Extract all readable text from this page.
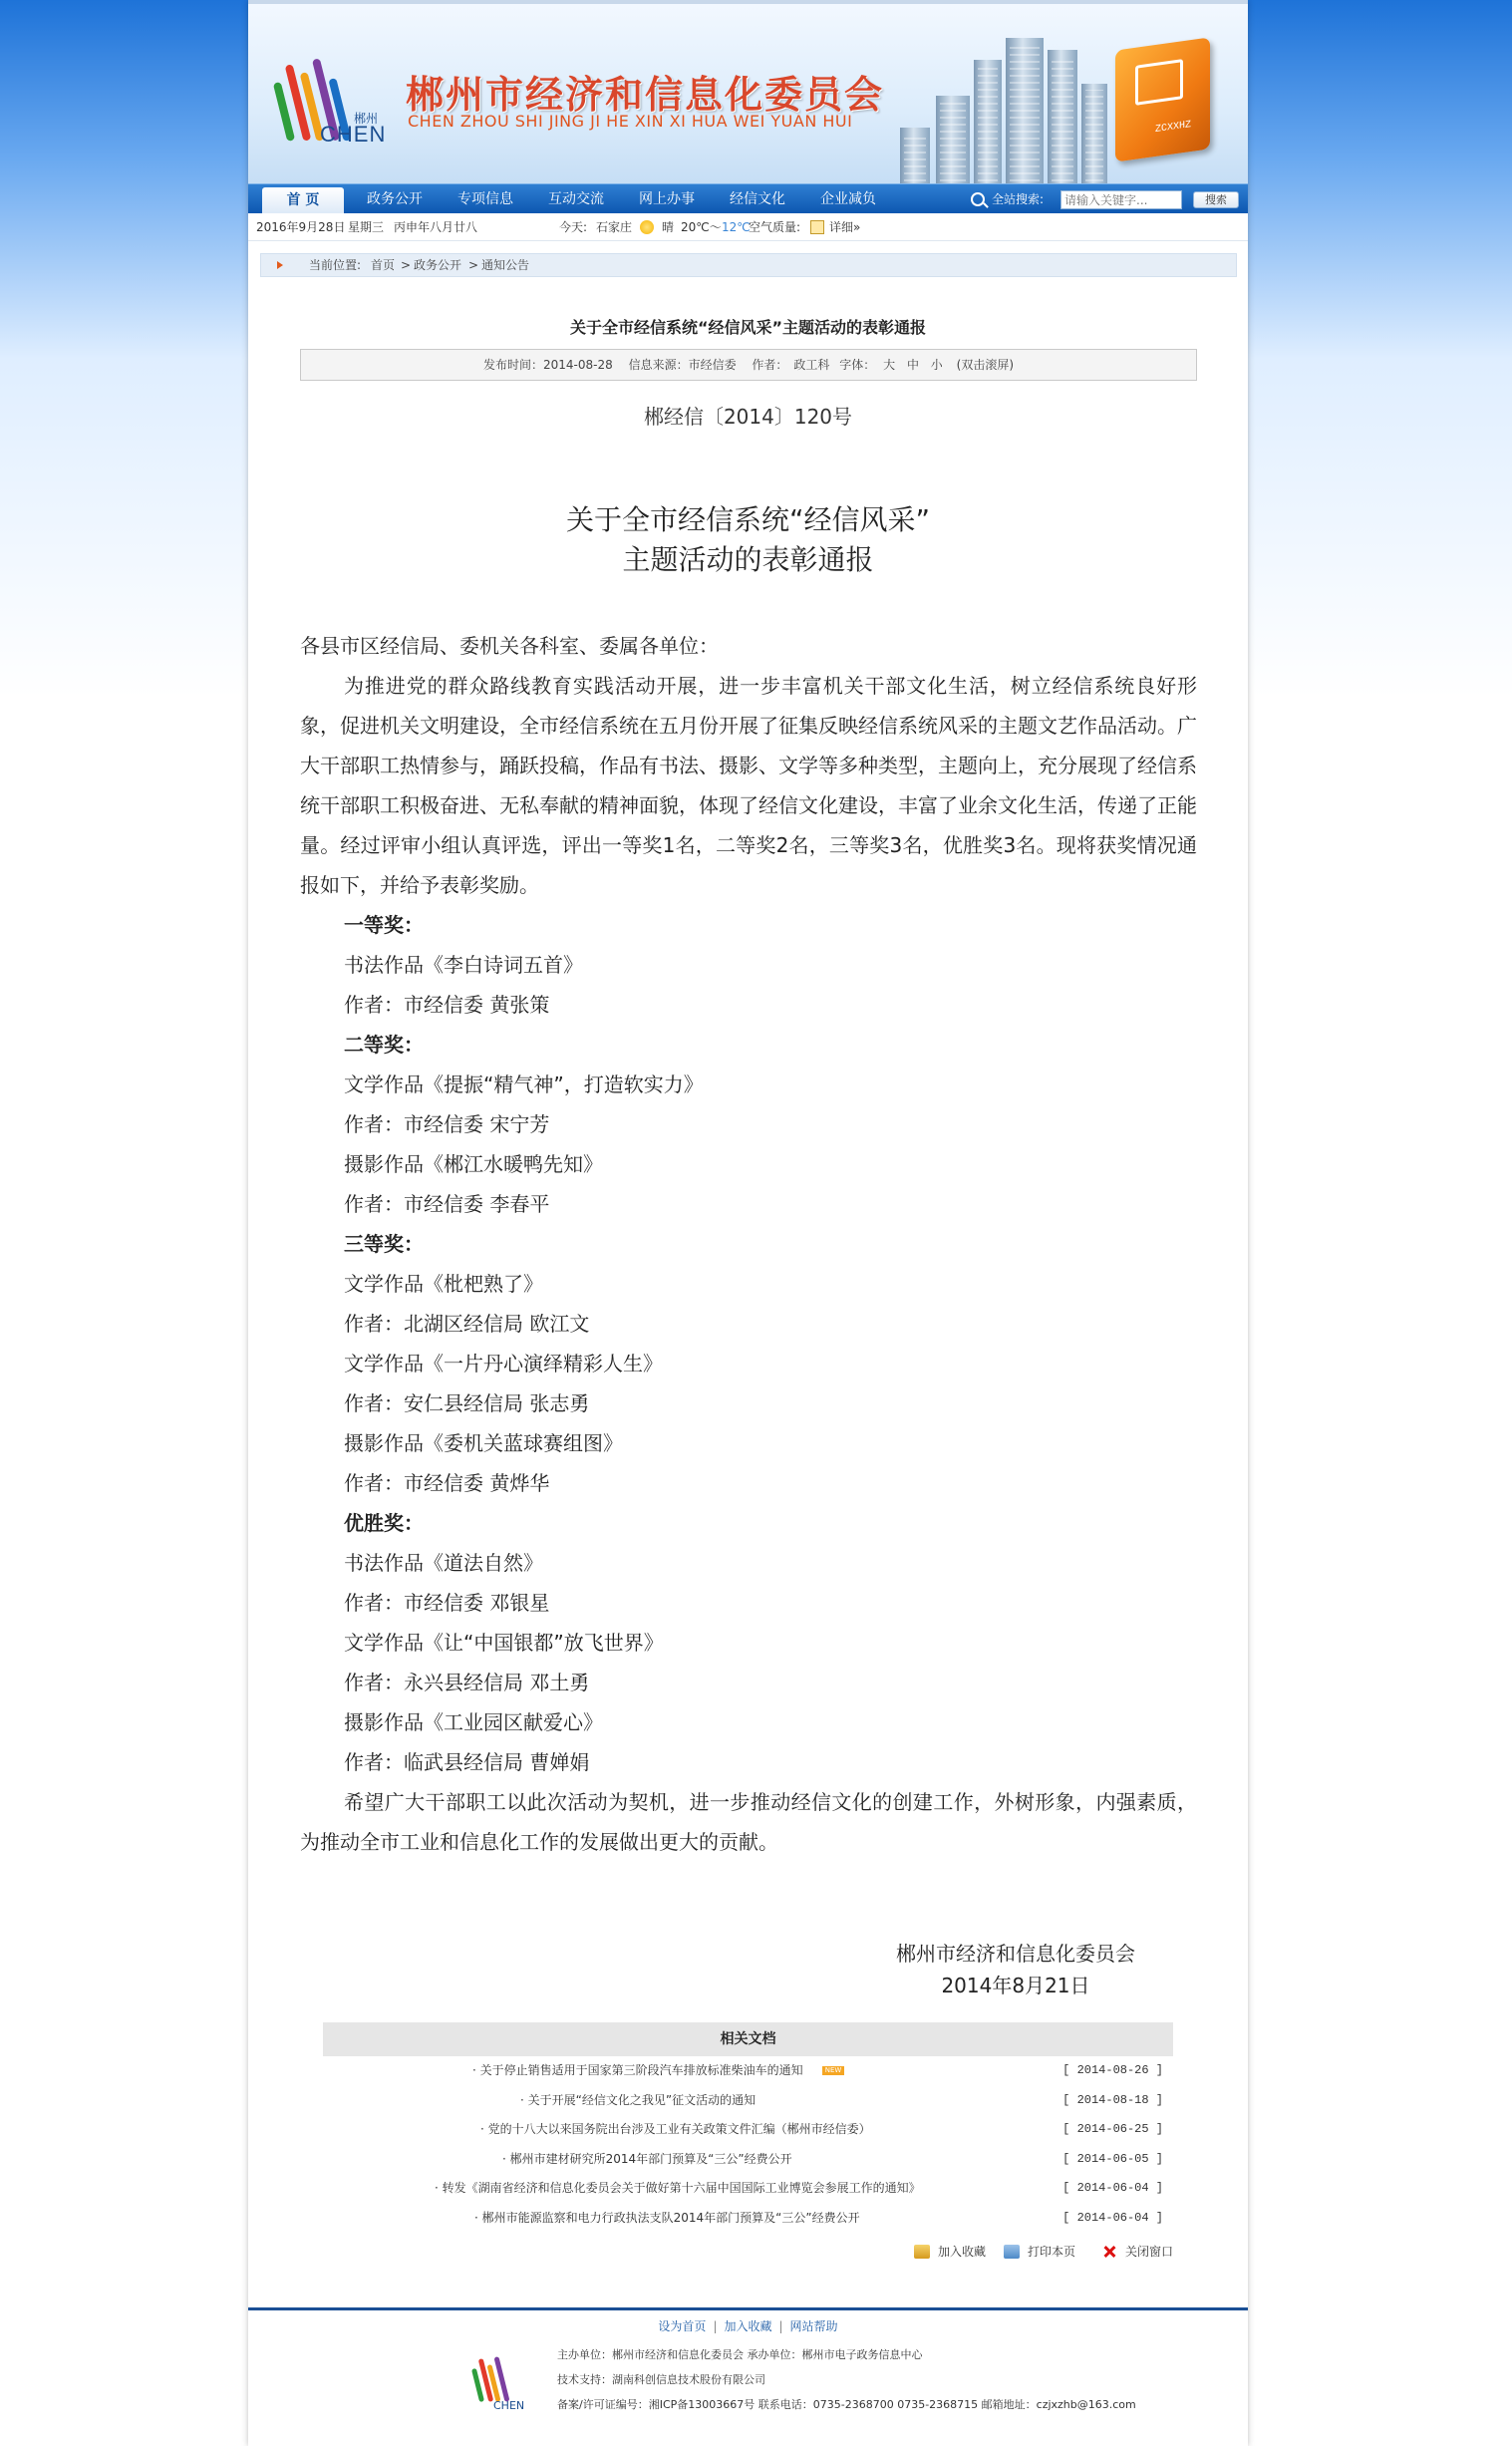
郴州
CHEN
郴州市经济和信息化委员会
CHEN ZHOU SHI JING JI HE XIN XI HUA WEI YUAN HUI	ZCXXHZ
首 页	政务公开	专项信息	互动交流	网上办事	经信文化	企业减负	全站搜索:
请输入关键字...	搜索
2016年9月28日 星期三 丙申年八月廿八	今天: 石家庄 晴 20℃～ 12℃
空气质量: 详细»
当前位置: 首页 > 政务公开 > 通知公告
关于全市经信系统“经信风采”主题活动的表彰通报
发布时间：2014-08-28 信息来源：市经信委 作者： 政工科 字体： 大 中 小 (双击滚屏)
郴经信〔2014〕120号
关于全市经信系统“经信风采”
主题活动的表彰通报

各县市区经信局、委机关各科室、委属各单位：

为推进党的群众路线教育实践活动开展，进一步丰富机关干部文化生活，树立经信系统良好形象，促进机关文明建设，全市经信系统在五月份开展了征集反映经信系统风采的主题文艺作品活动。广大干部职工热情参与，踊跃投稿，作品有书法、摄影、文学等多种类型，主题向上，充分展现了经信系统干部职工积极奋进、无私奉献的精神面貌，体现了经信文化建设，丰富了业余文化生活，传递了正能量。经过评审小组认真评选，评出一等奖1名，二等奖2名，三等奖3名，优胜奖3名。现将获奖情况通报如下，并给予表彰奖励。

一等奖：

书法作品《李白诗词五首》

作者：市经信委 黄张策

二等奖：

文学作品《提振“精气神”，打造软实力》

作者：市经信委 宋宁芳

摄影作品《郴江水暖鸭先知》

作者：市经信委 李春平

三等奖：

文学作品《枇杷熟了》

作者：北湖区经信局 欧江文

文学作品《一片丹心演绎精彩人生》

作者：安仁县经信局 张志勇

摄影作品《委机关蓝球赛组图》

作者：市经信委 黄烨华

优胜奖：

书法作品《道法自然》

作者：市经信委 邓银星

文学作品《让“中国银都”放飞世界》

作者：永兴县经信局 邓土勇

摄影作品《工业园区献爱心》

作者：临武县经信局 曹婵娟

希望广大干部职工以此次活动为契机，进一步推动经信文化的创建工作，外树形象，内强素质，为推动全市工业和信息化工作的发展做出更大的贡献。

郴州市经济和信息化委员会
2014年8月21日
相关文档
· 关于停止销售适用于国家第三阶段汽车排放标准柴油车的通知	NEW	[ 2014-08-26 ]
· 关于开展“经信文化之我见”征文活动的通知	[ 2014-08-18 ]
· 党的十八大以来国务院出台涉及工业有关政策文件汇编（郴州市经信委）	[ 2014-06-25 ]
· 郴州市建材研究所2014年部门预算及“三公”经费公开	[ 2014-06-05 ]
· 转发《湖南省经济和信息化委员会关于做好第十六届中国国际工业博览会参展工作的通知》	[ 2014-06-04 ]
· 郴州市能源监察和电力行政执法支队2014年部门预算及“三公”经费公开	[ 2014-06-04 ]
加入收藏	打印本页	关闭窗口
设为首页 | 加入收藏 | 网站帮助
CHEN
主办单位：郴州市经济和信息化委员会 承办单位：郴州市电子政务信息中心
技术支持：湖南科创信息技术股份有限公司
备案/许可证编号：湘ICP备13003667号 联系电话：0735-2368700 0735-2368715 邮箱地址：czjxzhb@163.com
